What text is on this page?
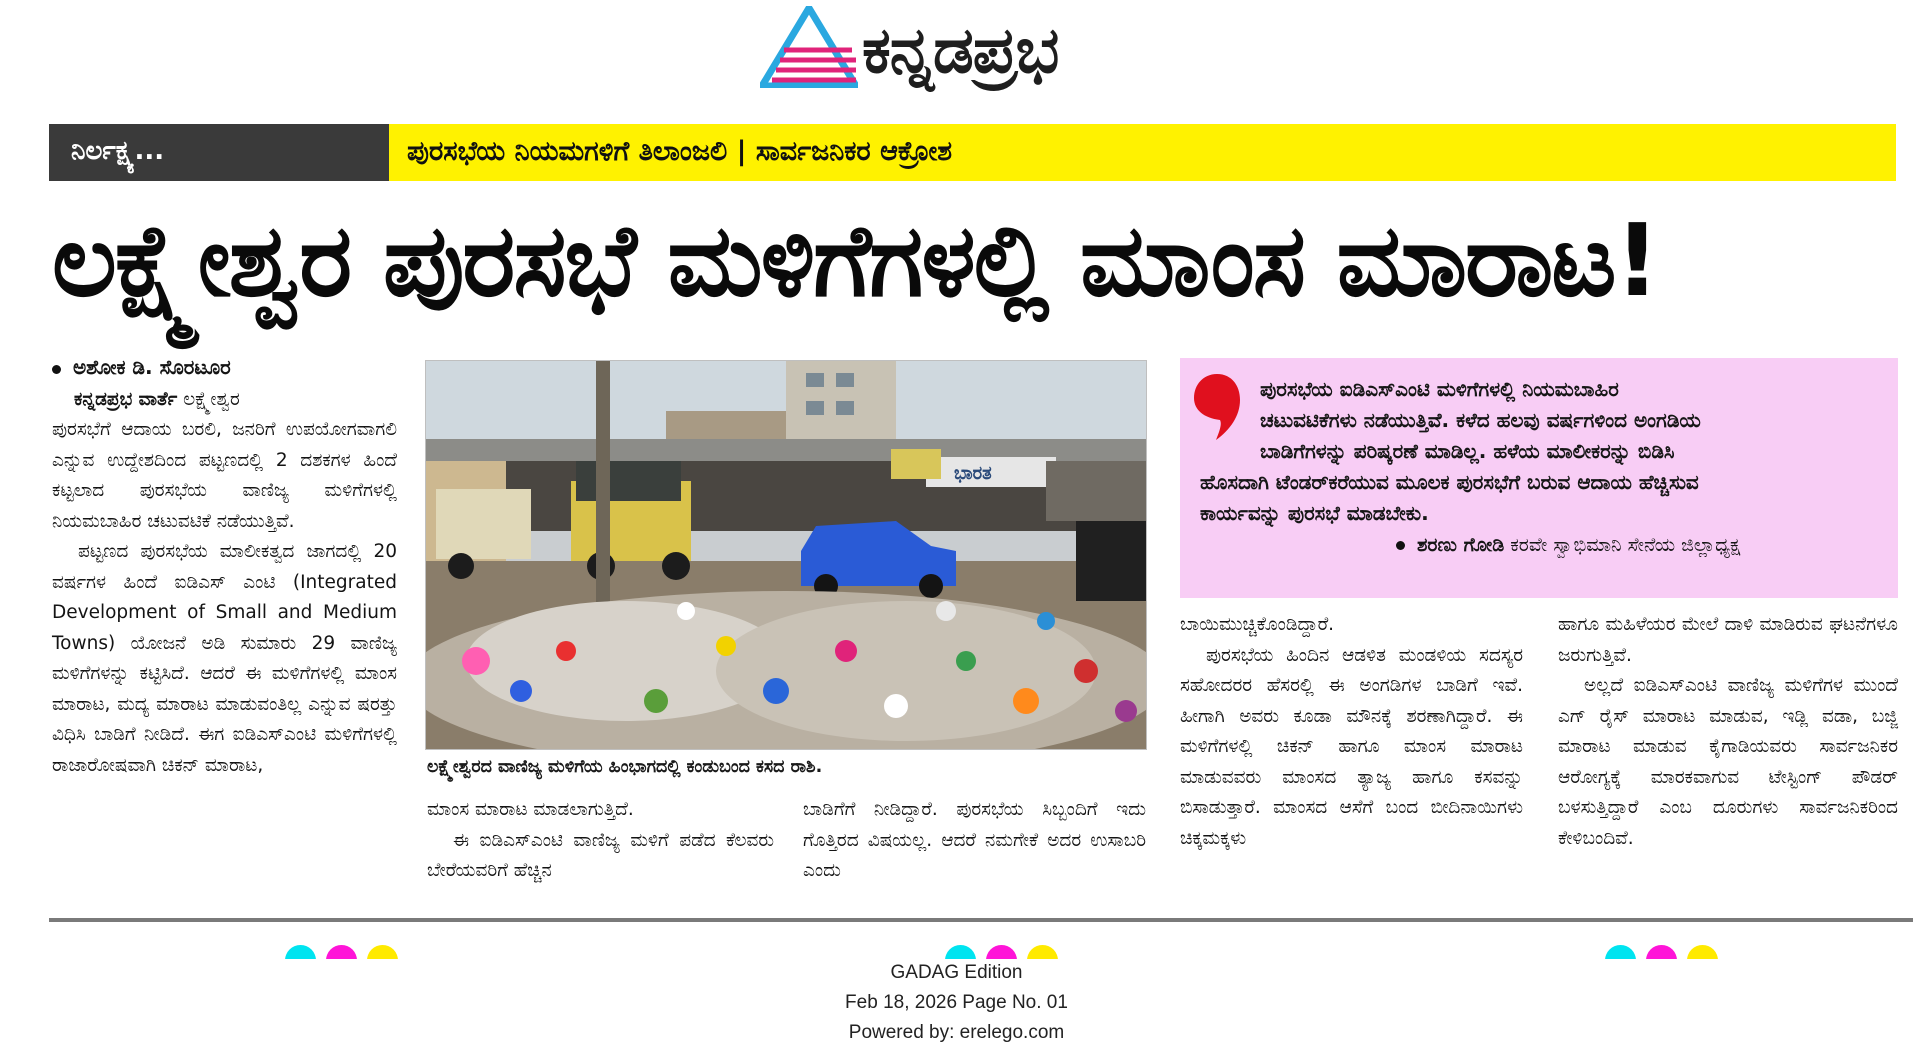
ಕನ್ನಡಪ್ರಭ
ನಿರ್ಲಕ್ಷ್ಯ...	ಪುರಸಭೆಯ ನಿಯಮಗಳಿಗೆ ತಿಲಾಂಜಲಿ | ಸಾರ್ವಜನಿಕರ ಆಕ್ರೋಶ
ಲಕ್ಷ್ಮೇಶ್ವರ ಪುರಸಭೆ ಮಳಿಗೆಗಳಲ್ಲಿ ಮಾಂಸ ಮಾರಾಟ!

ಅಶೋಕ ಡಿ. ಸೊರಟೂರ

ಕನ್ನಡಪ್ರಭ ವಾರ್ತೆ ಲಕ್ಷ್ಮೇಶ್ವರ

ಪುರಸಭೆಗೆ ಆದಾಯ ಬರಲಿ, ಜನರಿಗೆ ಉಪಯೋಗವಾಗಲಿ ಎನ್ನುವ ಉದ್ದೇಶದಿಂದ ಪಟ್ಟಣದಲ್ಲಿ 2 ದಶಕಗಳ ಹಿಂದೆ ಕಟ್ಟಲಾದ ಪುರಸಭೆಯ ವಾಣಿಜ್ಯ ಮಳಿಗೆಗಳಲ್ಲಿ ನಿಯಮಬಾಹಿರ ಚಟುವಟಿಕೆ ನಡೆಯುತ್ತಿವೆ.

ಪಟ್ಟಣದ ಪುರಸಭೆಯ ಮಾಲೀಕತ್ವದ ಜಾಗದಲ್ಲಿ 20 ವರ್ಷಗಳ ಹಿಂದೆ ಐಡಿಎಸ್ ಎಂಟಿ (Integrated Development of Small and Medium Towns) ಯೋಜನೆ ಅಡಿ ಸುಮಾರು 29 ವಾಣಿಜ್ಯ ಮಳಿಗೆಗಳನ್ನು ಕಟ್ಟಿಸಿದೆ. ಆದರೆ ಈ ಮಳಿಗೆಗಳಲ್ಲಿ ಮಾಂಸ ಮಾರಾಟ, ಮದ್ಯ ಮಾರಾಟ ಮಾಡುವಂತಿಲ್ಲ ಎನ್ನುವ ಷರತ್ತು ವಿಧಿಸಿ ಬಾಡಿಗೆ ನೀಡಿದೆ. ಈಗ ಐಡಿಎಸ್‌ಎಂಟಿ ಮಳಿಗೆಗಳಲ್ಲಿ ರಾಜಾರೋಷವಾಗಿ ಚಿಕನ್ ಮಾರಾಟ,

ಭಾರತ
ಲಕ್ಷ್ಮೇಶ್ವರದ ವಾಣಿಜ್ಯ ಮಳಿಗೆಯ ಹಿಂಭಾಗದಲ್ಲಿ ಕಂಡುಬಂದ ಕಸದ ರಾಶಿ.

ಮಾಂಸ ಮಾರಾಟ ಮಾಡಲಾಗುತ್ತಿದೆ.

ಈ ಐಡಿಎಸ್‌ಎಂಟಿ ವಾಣಿಜ್ಯ ಮಳಿಗೆ ಪಡೆದ ಕೆಲವರು ಬೇರೆಯವರಿಗೆ ಹೆಚ್ಚಿನ

ಬಾಡಿಗೆಗೆ ನೀಡಿದ್ದಾರೆ. ಪುರಸಭೆಯ ಸಿಬ್ಬಂದಿಗೆ ಇದು ಗೊತ್ತಿರದ ವಿಷಯಲ್ಲ. ಆದರೆ ನಮಗೇಕೆ ಅದರ ಉಸಾಬರಿ ಎಂದು

ಪುರಸಭೆಯ ಐಡಿಎಸ್‌ಎಂಟಿ ಮಳಿಗೆಗಳಲ್ಲಿ ನಿಯಮಬಾಹಿರ
ಚಟುವಟಿಕೆಗಳು ನಡೆಯುತ್ತಿವೆ. ಕಳೆದ ಹಲವು ವರ್ಷಗಳಿಂದ ಅಂಗಡಿಯ
ಬಾಡಿಗೆಗಳನ್ನು ಪರಿಷ್ಕರಣೆ ಮಾಡಿಲ್ಲ. ಹಳೆಯ ಮಾಲೀಕರನ್ನು ಬಿಡಿಸಿ
ಹೊಸದಾಗಿ ಟೆಂಡರ್‌ಕರೆಯುವ ಮೂಲಕ ಪುರಸಭೆಗೆ ಬರುವ ಆದಾಯ ಹೆಚ್ಚಿಸುವ
ಕಾರ್ಯವನ್ನು ಪುರಸಭೆ ಮಾಡಬೇಕು.
ಶರಣು ಗೋಡಿ ಕರವೇ ಸ್ವಾಭಿಮಾನಿ ಸೇನೆಯ ಜಿಲ್ಲಾಧ್ಯಕ್ಷ

ಬಾಯಿಮುಚ್ಚಿಕೊಂಡಿದ್ದಾರೆ.

ಪುರಸಭೆಯ ಹಿಂದಿನ ಆಡಳಿತ ಮಂಡಳಿಯ ಸದಸ್ಯರ ಸಹೋದರರ ಹೆಸರಲ್ಲಿ ಈ ಅಂಗಡಿಗಳ ಬಾಡಿಗೆ ಇವೆ. ಹೀಗಾಗಿ ಅವರು ಕೂಡಾ ಮೌನಕ್ಕೆ ಶರಣಾಗಿದ್ದಾರೆ. ಈ ಮಳಿಗೆಗಳಲ್ಲಿ ಚಿಕನ್ ಹಾಗೂ ಮಾಂಸ ಮಾರಾಟ ಮಾಡುವವರು ಮಾಂಸದ ತ್ಯಾಜ್ಯ ಹಾಗೂ ಕಸವನ್ನು ಬಿಸಾಡುತ್ತಾರೆ. ಮಾಂಸದ ಆಸೆಗೆ ಬಂದ ಬೀದಿನಾಯಿಗಳು ಚಿಕ್ಕಮಕ್ಕಳು

ಹಾಗೂ ಮಹಿಳೆಯರ ಮೇಲೆ ದಾಳಿ ಮಾಡಿರುವ ಘಟನೆಗಳೂ ಜರುಗುತ್ತಿವೆ.

ಅಲ್ಲದೆ ಐಡಿಎಸ್‌ಎಂಟಿ ವಾಣಿಜ್ಯ ಮಳಿಗೆಗಳ ಮುಂದೆ ಎಗ್ ರೈಸ್ ಮಾರಾಟ ಮಾಡುವ, ಇಡ್ಲಿ ವಡಾ, ಬಜ್ಜಿ ಮಾರಾಟ ಮಾಡುವ ಕೈಗಾಡಿಯವರು ಸಾರ್ವಜನಿಕರ ಆರೋಗ್ಯಕ್ಕೆ ಮಾರಕವಾಗುವ ಟೇಸ್ಟಿಂಗ್ ಪೌಡರ್ ಬಳಸುತ್ತಿದ್ದಾರೆ ಎಂಬ ದೂರುಗಳು ಸಾರ್ವಜನಿಕರಿಂದ ಕೇಳಿಬಂದಿವೆ.

GADAG Edition
Feb 18, 2026 Page No. 01
Powered by: erelego.com
